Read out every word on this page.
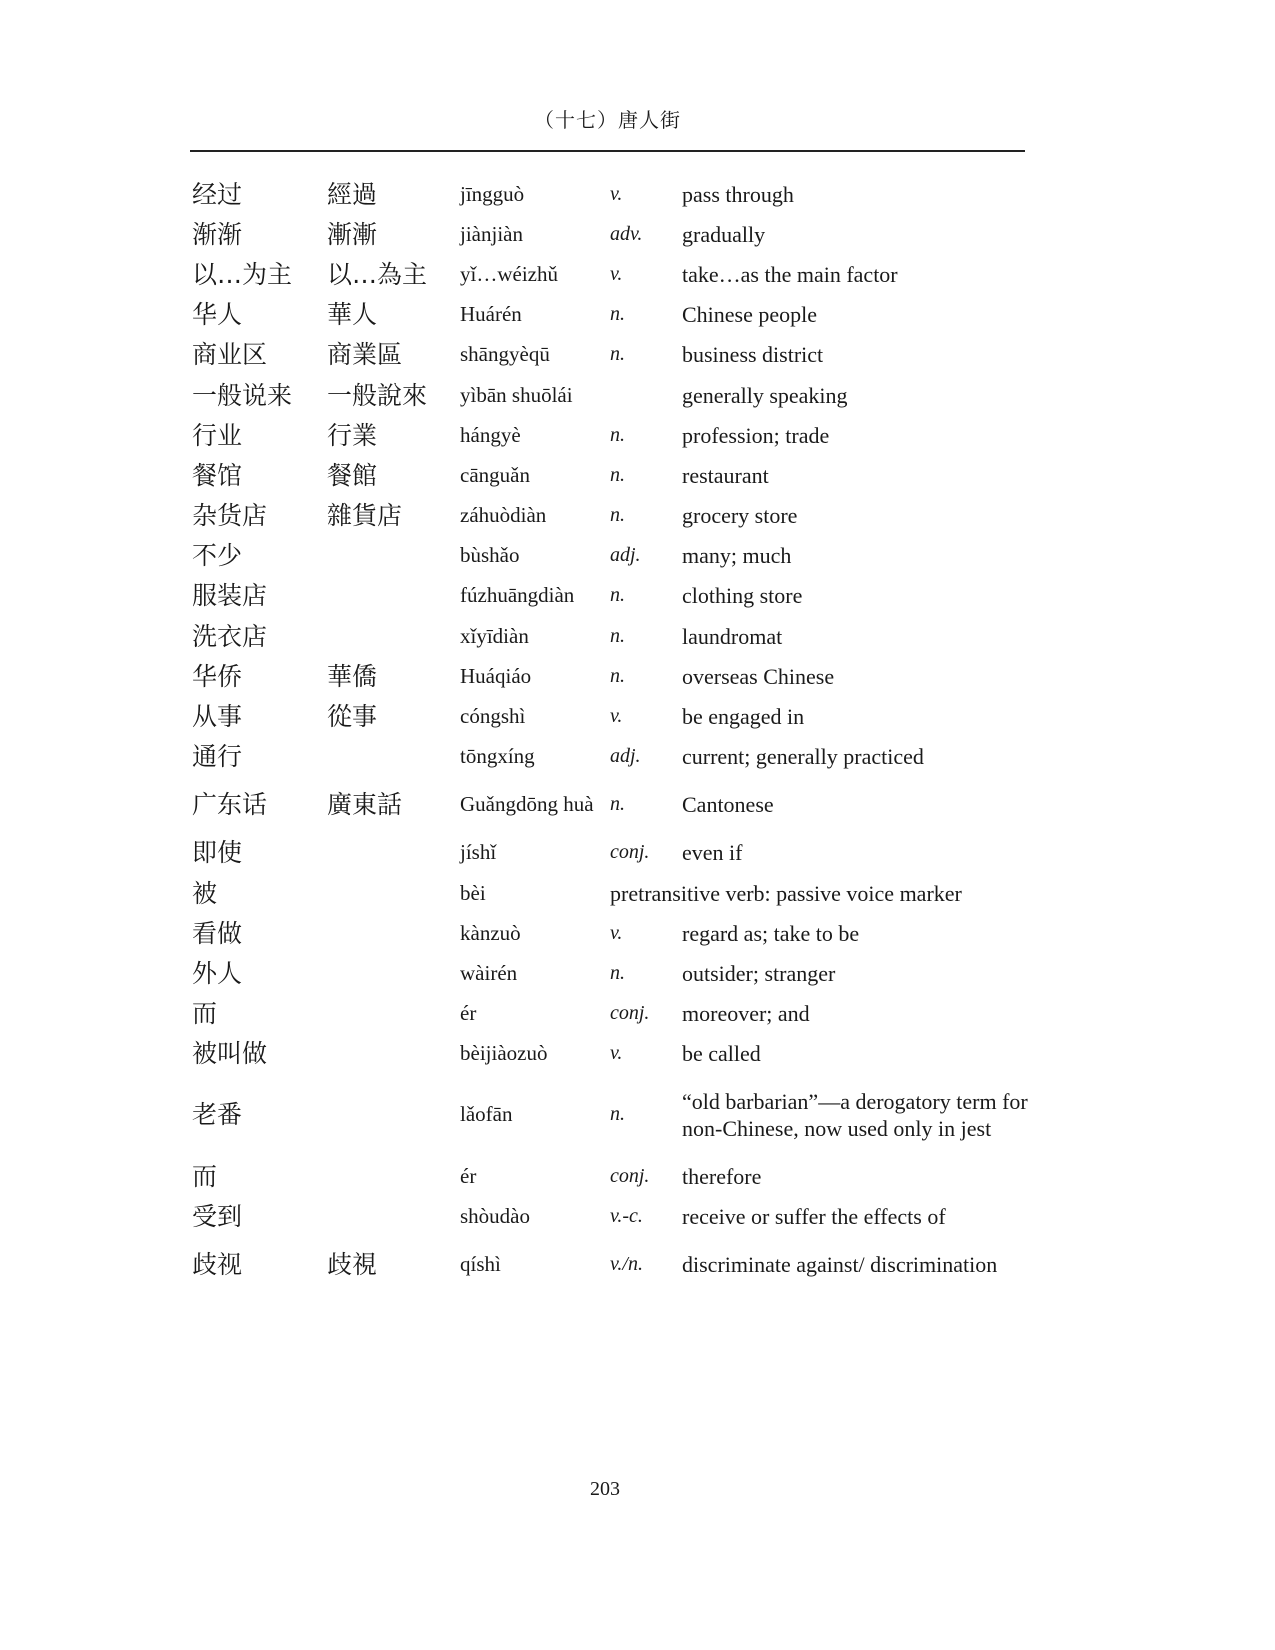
（十七）唐人街
经过	經過	jīngguò	v.	pass through
渐渐	漸漸	jiànjiàn	adv.	gradually
以…为主	以…為主	yǐ…wéizhǔ	v.	take…as the main factor
华人	華人	Huárén	n.	Chinese people
商业区	商業區	shāngyèqū	n.	business district
一般说来	一般說來	yìbān shuōlái		generally speaking
行业	行業	hángyè	n.	profession; trade
餐馆	餐館	cānguǎn	n.	restaurant
杂货店	雜貨店	záhuòdiàn	n.	grocery store
不少		bùshǎo	adj.	many; much
服装店		fúzhuāngdiàn	n.	clothing store
洗衣店		xǐyīdiàn	n.	laundromat
华侨	華僑	Huáqiáo	n.	overseas Chinese
从事	從事	cóngshì	v.	be engaged in
通行		tōngxíng	adj.	current; generally practiced
广东话	廣東話	Guǎngdōng huà	n.	Cantonese
即使		jíshǐ	conj.	even if
被		bèi	pretransitive verb: passive voice marker	
看做		kànzuò	v.	regard as; take to be
外人		wàirén	n.	outsider; stranger
而		ér	conj.	moreover; and
被叫做		bèijiàozuò	v.	be called
老番		lǎofān	n.	“old barbarian”—a derogatory term for non-Chinese, now used only in jest
而		ér	conj.	therefore
受到		shòudào	v.-c.	receive or suffer the effects of
歧视	歧視	qíshì	v./n.	discriminate against/ discrimination
203
